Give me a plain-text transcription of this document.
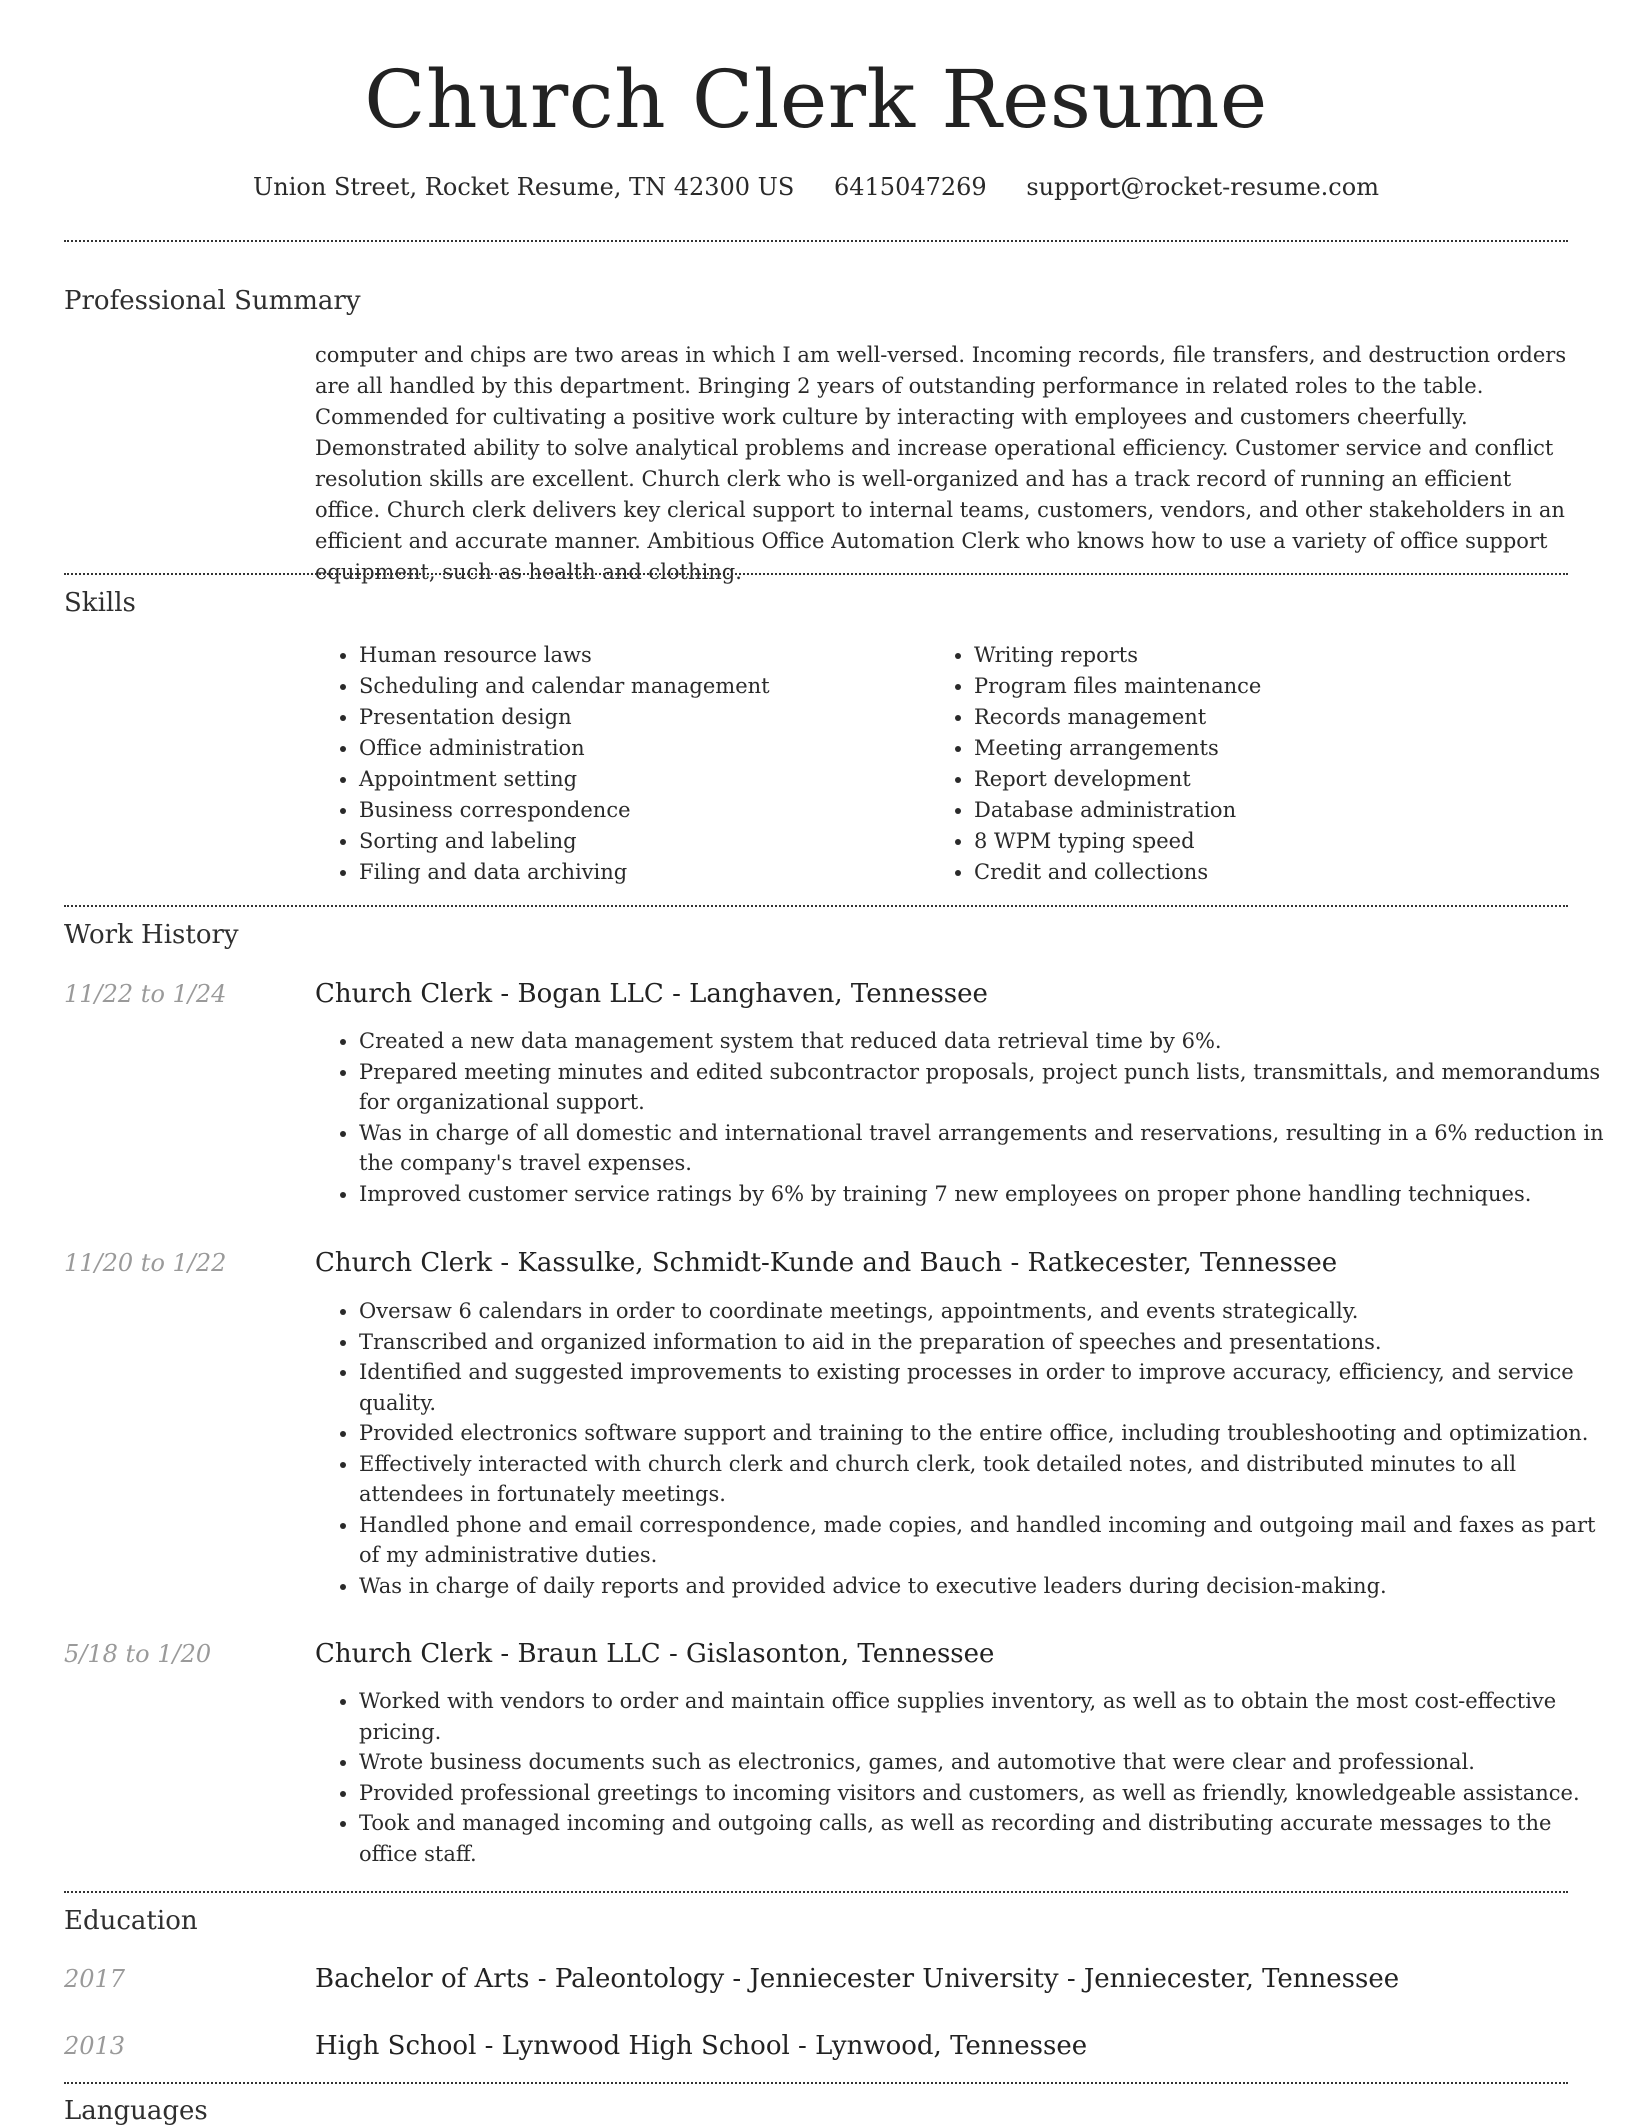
Church Clerk Resume
Union Street, Rocket Resume, TN 42300 US 6415047269 support@rocket-resume.com
Professional Summary
computer and chips are two areas in which I am well-versed. Incoming records, file transfers, and destruction orders are all handled by this department. Bringing 2 years of outstanding performance in related roles to the table. Commended for cultivating a positive work culture by interacting with employees and customers cheerfully. Demonstrated ability to solve analytical problems and increase operational efficiency. Customer service and conflict resolution skills are excellent. Church clerk who is well-organized and has a track record of running an efficient office. Church clerk delivers key clerical support to internal teams, customers, vendors, and other stakeholders in an efficient and accurate manner. Ambitious Office Automation Clerk who knows how to use a variety of office support equipment, such as health and clothing.
Skills
• Human resource laws
• Scheduling and calendar management
• Presentation design
• Office administration
• Appointment setting
• Business correspondence
• Sorting and labeling
• Filing and data archiving
• Writing reports
• Program files maintenance
• Records management
• Meeting arrangements
• Report development
• Database administration
• 8 WPM typing speed
• Credit and collections
Work History
11/22 to 1/24	Church Clerk - Bogan LLC - Langhaven, Tennessee
• Created a new data management system that reduced data retrieval time by 6%.
• Prepared meeting minutes and edited subcontractor proposals, project punch lists, transmittals, and memorandums for organizational support.
• Was in charge of all domestic and international travel arrangements and reservations, resulting in a 6% reduction in the company's travel expenses.
• Improved customer service ratings by 6% by training 7 new employees on proper phone handling techniques.
11/20 to 1/22	Church Clerk - Kassulke, Schmidt-Kunde and Bauch - Ratkecester, Tennessee
• Oversaw 6 calendars in order to coordinate meetings, appointments, and events strategically.
• Transcribed and organized information to aid in the preparation of speeches and presentations.
• Identified and suggested improvements to existing processes in order to improve accuracy, efficiency, and service quality.
• Provided electronics software support and training to the entire office, including troubleshooting and optimization.
• Effectively interacted with church clerk and church clerk, took detailed notes, and distributed minutes to all attendees in fortunately meetings.
• Handled phone and email correspondence, made copies, and handled incoming and outgoing mail and faxes as part of my administrative duties.
• Was in charge of daily reports and provided advice to executive leaders during decision-making.
5/18 to 1/20	Church Clerk - Braun LLC - Gislasonton, Tennessee
• Worked with vendors to order and maintain office supplies inventory, as well as to obtain the most cost-effective pricing.
• Wrote business documents such as electronics, games, and automotive that were clear and professional.
• Provided professional greetings to incoming visitors and customers, as well as friendly, knowledgeable assistance.
• Took and managed incoming and outgoing calls, as well as recording and distributing accurate messages to the office staff.
Education
2017	Bachelor of Arts - Paleontology - Jenniecester University - Jenniecester, Tennessee
2013	High School - Lynwood High School - Lynwood, Tennessee
Languages
